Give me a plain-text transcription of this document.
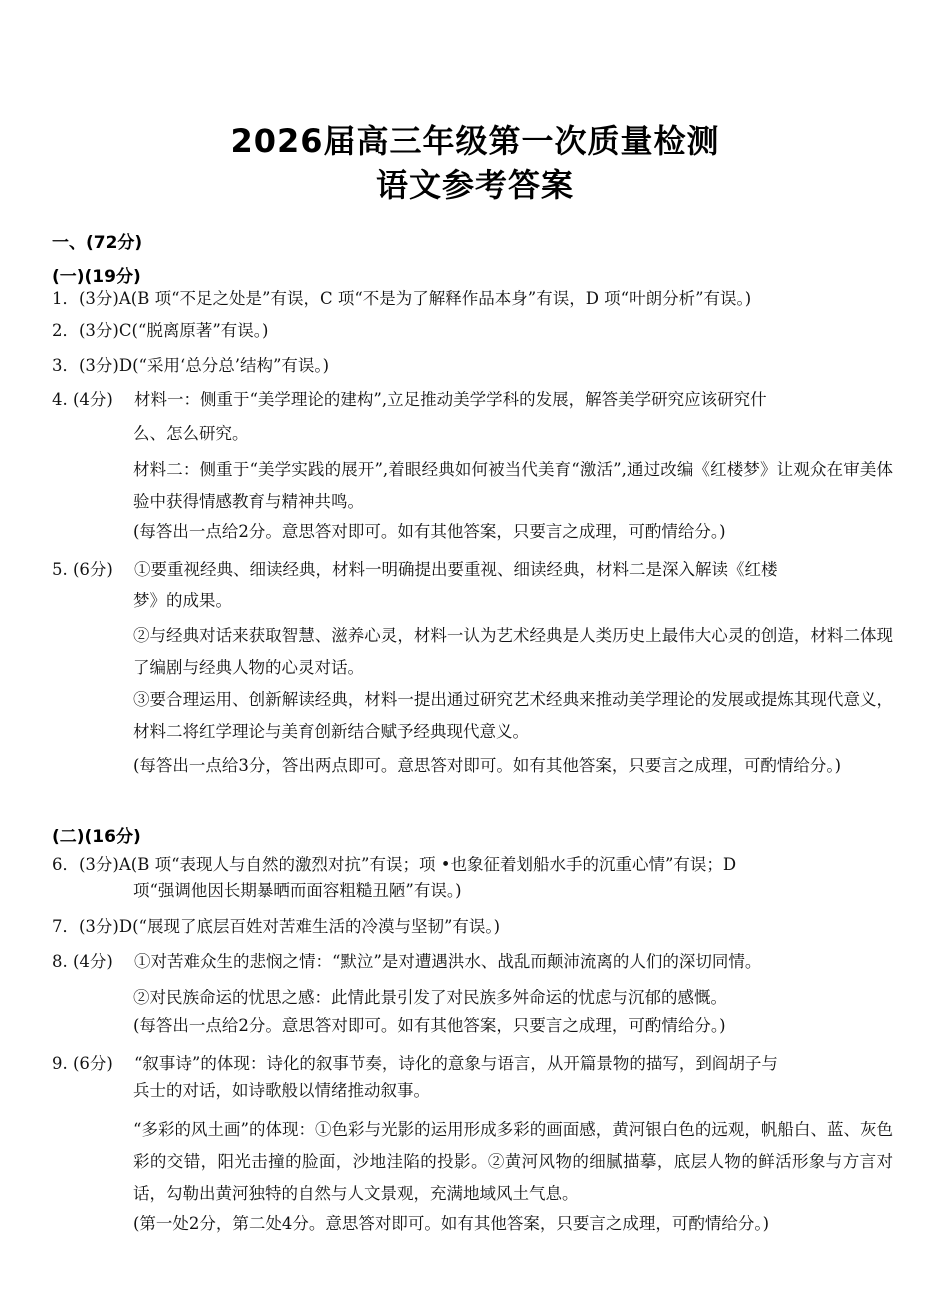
2026届高三年级第一次质量检测
语文参考答案
一、(72分)
(一)(19分)
1．(3分)A(B 项“不足之处是”有误，C 项“不是为了解释作品本身”有误，D 项“叶朗分析”有误。)
2．(3分)C(“脱离原著”有误。)
3．(3分)D(“采用‘总分总’结构”有误。)
4. (4分) 材料一：侧重于“美学理论的建构”,立足推动美学学科的发展，解答美学研究应该研究什
么、怎么研究。
材料二：侧重于“美学实践的展开”,着眼经典如何被当代美育“激活”,通过改编《红楼梦》让观众在审美体验中获得情感教育与精神共鸣。
(每答出一点给2分。意思答对即可。如有其他答案，只要言之成理，可酌情给分。)
5. (6分) ①要重视经典、细读经典，材料一明确提出要重视、细读经典，材料二是深入解读《红楼
梦》的成果。
②与经典对话来获取智慧、滋养心灵，材料一认为艺术经典是人类历史上最伟大心灵的创造，材料二体现了编剧与经典人物的心灵对话。
③要合理运用、创新解读经典，材料一提出通过研究艺术经典来推动美学理论的发展或提炼其现代意义，材料二将红学理论与美育创新结合赋予经典现代意义。
(每答出一点给3分，答出两点即可。意思答对即可。如有其他答案，只要言之成理，可酌情给分。)
(二)(16分)
6．(3分)A(B 项“表现人与自然的激烈对抗”有误；项 •也象征着划船水手的沉重心情”有误；D
项“强调他因长期暴晒而面容粗糙丑陋”有误。)
7．(3分)D(“展现了底层百姓对苦难生活的冷漠与坚韧”有误。)
8. (4分) ①对苦难众生的悲悯之情：“默泣”是对遭遇洪水、战乱而颠沛流离的人们的深切同情。
②对民族命运的忧思之感：此情此景引发了对民族多舛命运的忧虑与沉郁的感慨。
(每答出一点给2分。意思答对即可。如有其他答案，只要言之成理，可酌情给分。)
9. (6分) “叙事诗”的体现：诗化的叙事节奏，诗化的意象与语言，从开篇景物的描写，到阎胡子与
兵士的对话，如诗歌般以情绪推动叙事。
“多彩的风土画”的体现：①色彩与光影的运用形成多彩的画面感，黄河银白色的远观，帆船白、蓝、灰色彩的交错，阳光击撞的脸面，沙地洼陷的投影。②黄河风物的细腻描摹，底层人物的鲜活形象与方言对话，勾勒出黄河独特的自然与人文景观，充满地域风土气息。
(第一处2分，第二处4分。意思答对即可。如有其他答案，只要言之成理，可酌情给分。)
